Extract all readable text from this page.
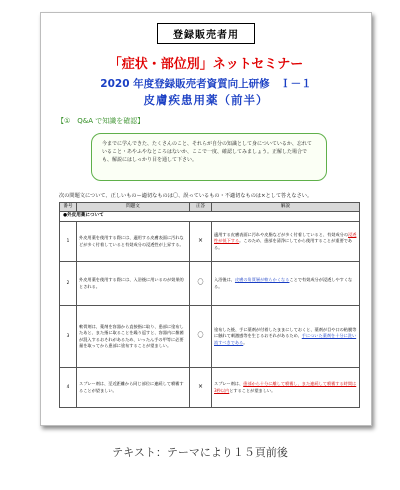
登録販売者用
「症状・部位別」ネットセミナー
2020 年度登録販売者資質向上研修　Ｉ－１
皮膚疾患用薬（前半）
【①　Q&A で知識を確認】
今までに学んできた、たくさんのこと、それらが自分の知識として身についているか、忘れていること・あやふやなところはないか、ここで一度、確認してみましょう。正解した場合でも、解説にはしっかり目を通して下さい。
次の問題文について、正しいものー適切なものは〇、誤っているもの・不適切なものは×として答えなさい。
番号	問題文	正答	解説
●外皮用薬について			
1	外皮用薬を使用する際には、適用する皮膚表面に汚れなどが多く付着していると有効成分の浸透性が上昇する。	×	適用する皮膚表面に汚れや皮脂などが多く付着していると、有効成分の浸透性が低下する。このため、患部を清浄にしてから使用することが重要である。
2	外皮用薬を使用する際には、入浴後に用いるのが効果的とされる。	〇	入浴後は、皮膚の角質層が軟らかくなることで有効成分が浸透しやすくなる。
3	軟膏剤は、薬剤を容器から直接指に取り、患部に塗布したあと、また指に取ることを繰り返すと、容器内に雑菌が混入するおそれがあるため、いったん手の甲等に必要量を取ってから患部に塗布することが望ましい。	〇	塗布した後、手に薬剤が付着したままにしておくと、薬剤が目や口の粘膜等に触れて刺激感等を生じるおそれがあるため、手についた薬剤を十分に洗い流すべきである。
4	スプレー剤は、至近距離から同じ部位に連続して噴霧することが望ましい。	×	スプレー剤は、患部から十分に離して噴霧し、また連続して噴霧する時間は3秒以内とすることが望ましい。
テキスト：テーマにより１５頁前後
